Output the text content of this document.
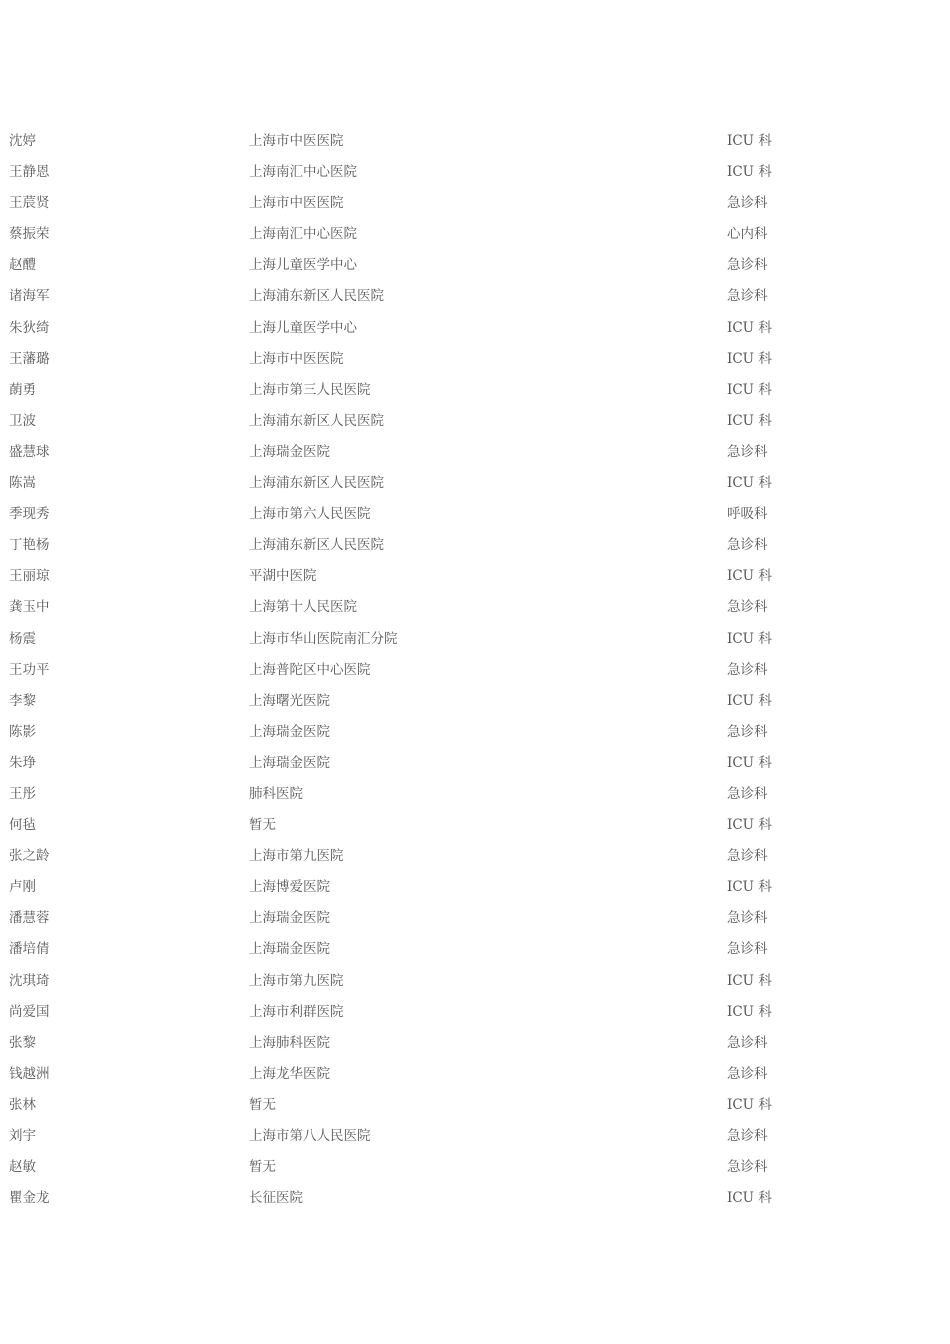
沈婷	上海市中医医院	ICU 科
王静恩	上海南汇中心医院	ICU 科
王莀贤	上海市中医医院	急诊科
蔡振荣	上海南汇中心医院	心内科
赵醴	上海儿童医学中心	急诊科
诸海军	上海浦东新区人民医院	急诊科
朱狄绮	上海儿童医学中心	ICU 科
王藩璐	上海市中医医院	ICU 科
蓢勇	上海市第三人民医院	ICU 科
卫波	上海浦东新区人民医院	ICU 科
盛慧球	上海瑞金医院	急诊科
陈嵩	上海浦东新区人民医院	ICU 科
季现秀	上海市第六人民医院	呼吸科
丁艳杨	上海浦东新区人民医院	急诊科
王丽琼	平湖中医院	ICU 科
龚玉中	上海第十人民医院	急诊科
杨震	上海市华山医院南汇分院	ICU 科
王功平	上海普陀区中心医院	急诊科
李黎	上海曙光医院	ICU 科
陈影	上海瑞金医院	急诊科
朱琤	上海瑞金医院	ICU 科
王彤	肺科医院	急诊科
何毡	暂无	ICU 科
张之龄	上海市第九医院	急诊科
卢刚	上海博爱医院	ICU 科
潘慧蓉	上海瑞金医院	急诊科
潘培倩	上海瑞金医院	急诊科
沈琪琦	上海市第九医院	ICU 科
尚爱国	上海市利群医院	ICU 科
张黎	上海肺科医院	急诊科
钱越洲	上海龙华医院	急诊科
张林	暂无	ICU 科
刘宇	上海市第八人民医院	急诊科
赵敏	暂无	急诊科
瞿金龙	长征医院	ICU 科
